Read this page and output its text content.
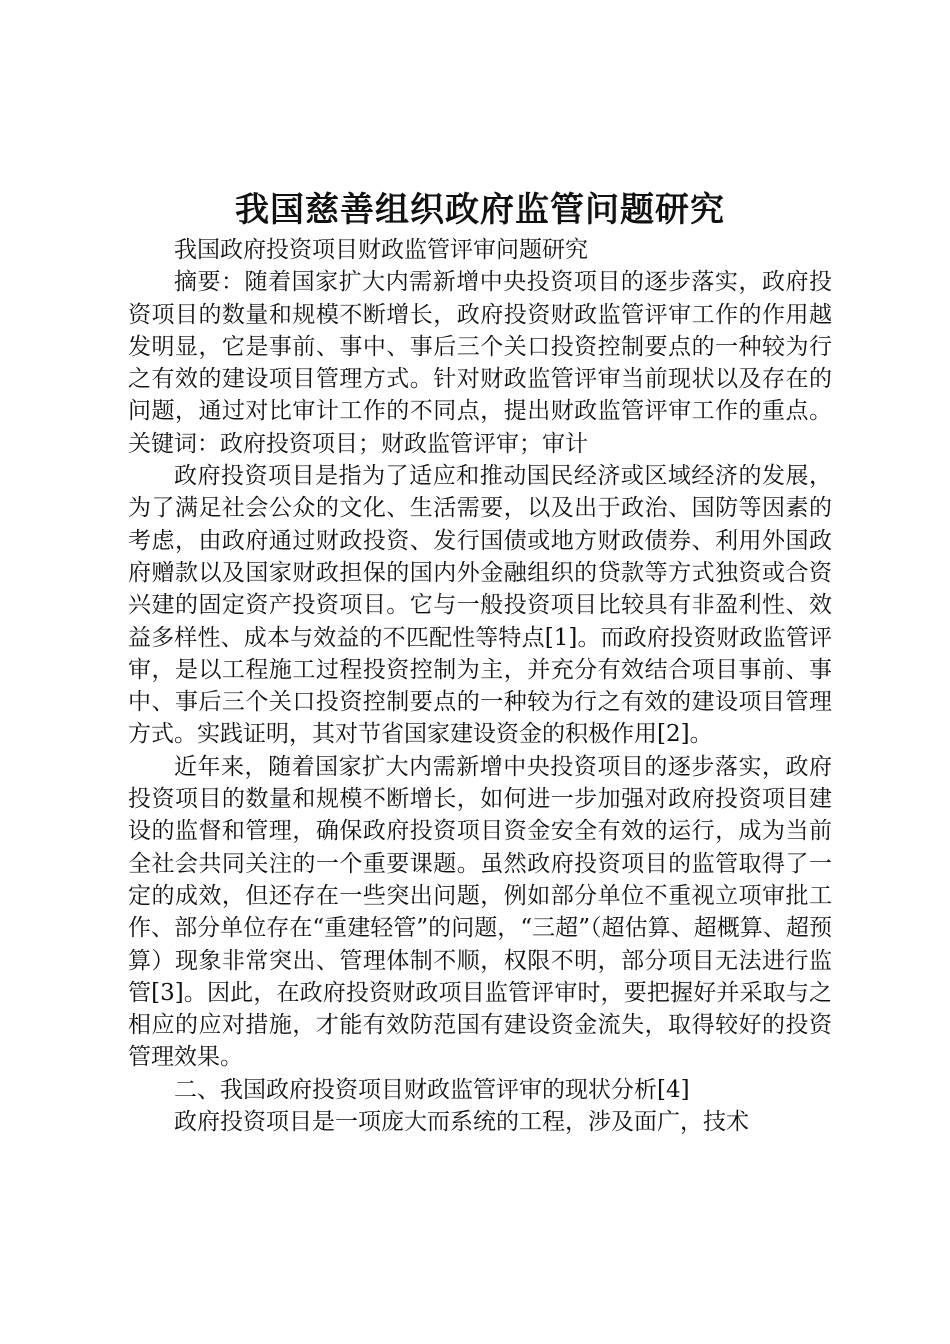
我国慈善组织政府监管问题研究

我国政府投资项目财政监管评审问题研究

摘要：随着国家扩大内需新增中央投资项目的逐步落实，政府投资项目的数量和规模不断增长，政府投资财政监管评审工作的作用越发明显，它是事前、事中、事后三个关口投资控制要点的一种较为行之有效的建设项目管理方式。针对财政监管评审当前现状以及存在的问题，通过对比审计工作的不同点，提出财政监管评审工作的重点。关键词：政府投资项目；财政监管评审；审计

政府投资项目是指为了适应和推动国民经济或区域经济的发展，为了满足社会公众的文化、生活需要，以及出于政治、国防等因素的考虑，由政府通过财政投资、发行国债或地方财政债券、利用外国政府赠款以及国家财政担保的国内外金融组织的贷款等方式独资或合资兴建的固定资产投资项目。它与一般投资项目比较具有非盈利性、效益多样性、成本与效益的不匹配性等特点[1]。而政府投资财政监管评审，是以工程施工过程投资控制为主，并充分有效结合项目事前、事中、事后三个关口投资控制要点的一种较为行之有效的建设项目管理方式。实践证明，其对节省国家建设资金的积极作用[2]。

近年来，随着国家扩大内需新增中央投资项目的逐步落实，政府投资项目的数量和规模不断增长，如何进一步加强对政府投资项目建设的监督和管理，确保政府投资项目资金安全有效的运行，成为当前全社会共同关注的一个重要课题。虽然政府投资项目的监管取得了一定的成效，但还存在一些突出问题，例如部分单位不重视立项审批工作、部分单位存在“重建轻管”的问题，“三超”（超估算、超概算、超预算）现象非常突出、管理体制不顺，权限不明，部分项目无法进行监管[3]。因此，在政府投资财政项目监管评审时，要把握好并采取与之相应的应对措施，才能有效防范国有建设资金流失，取得较好的投资管理效果。

二、我国政府投资项目财政监管评审的现状分析[4]

政府投资项目是一项庞大而系统的工程，涉及面广，技术
